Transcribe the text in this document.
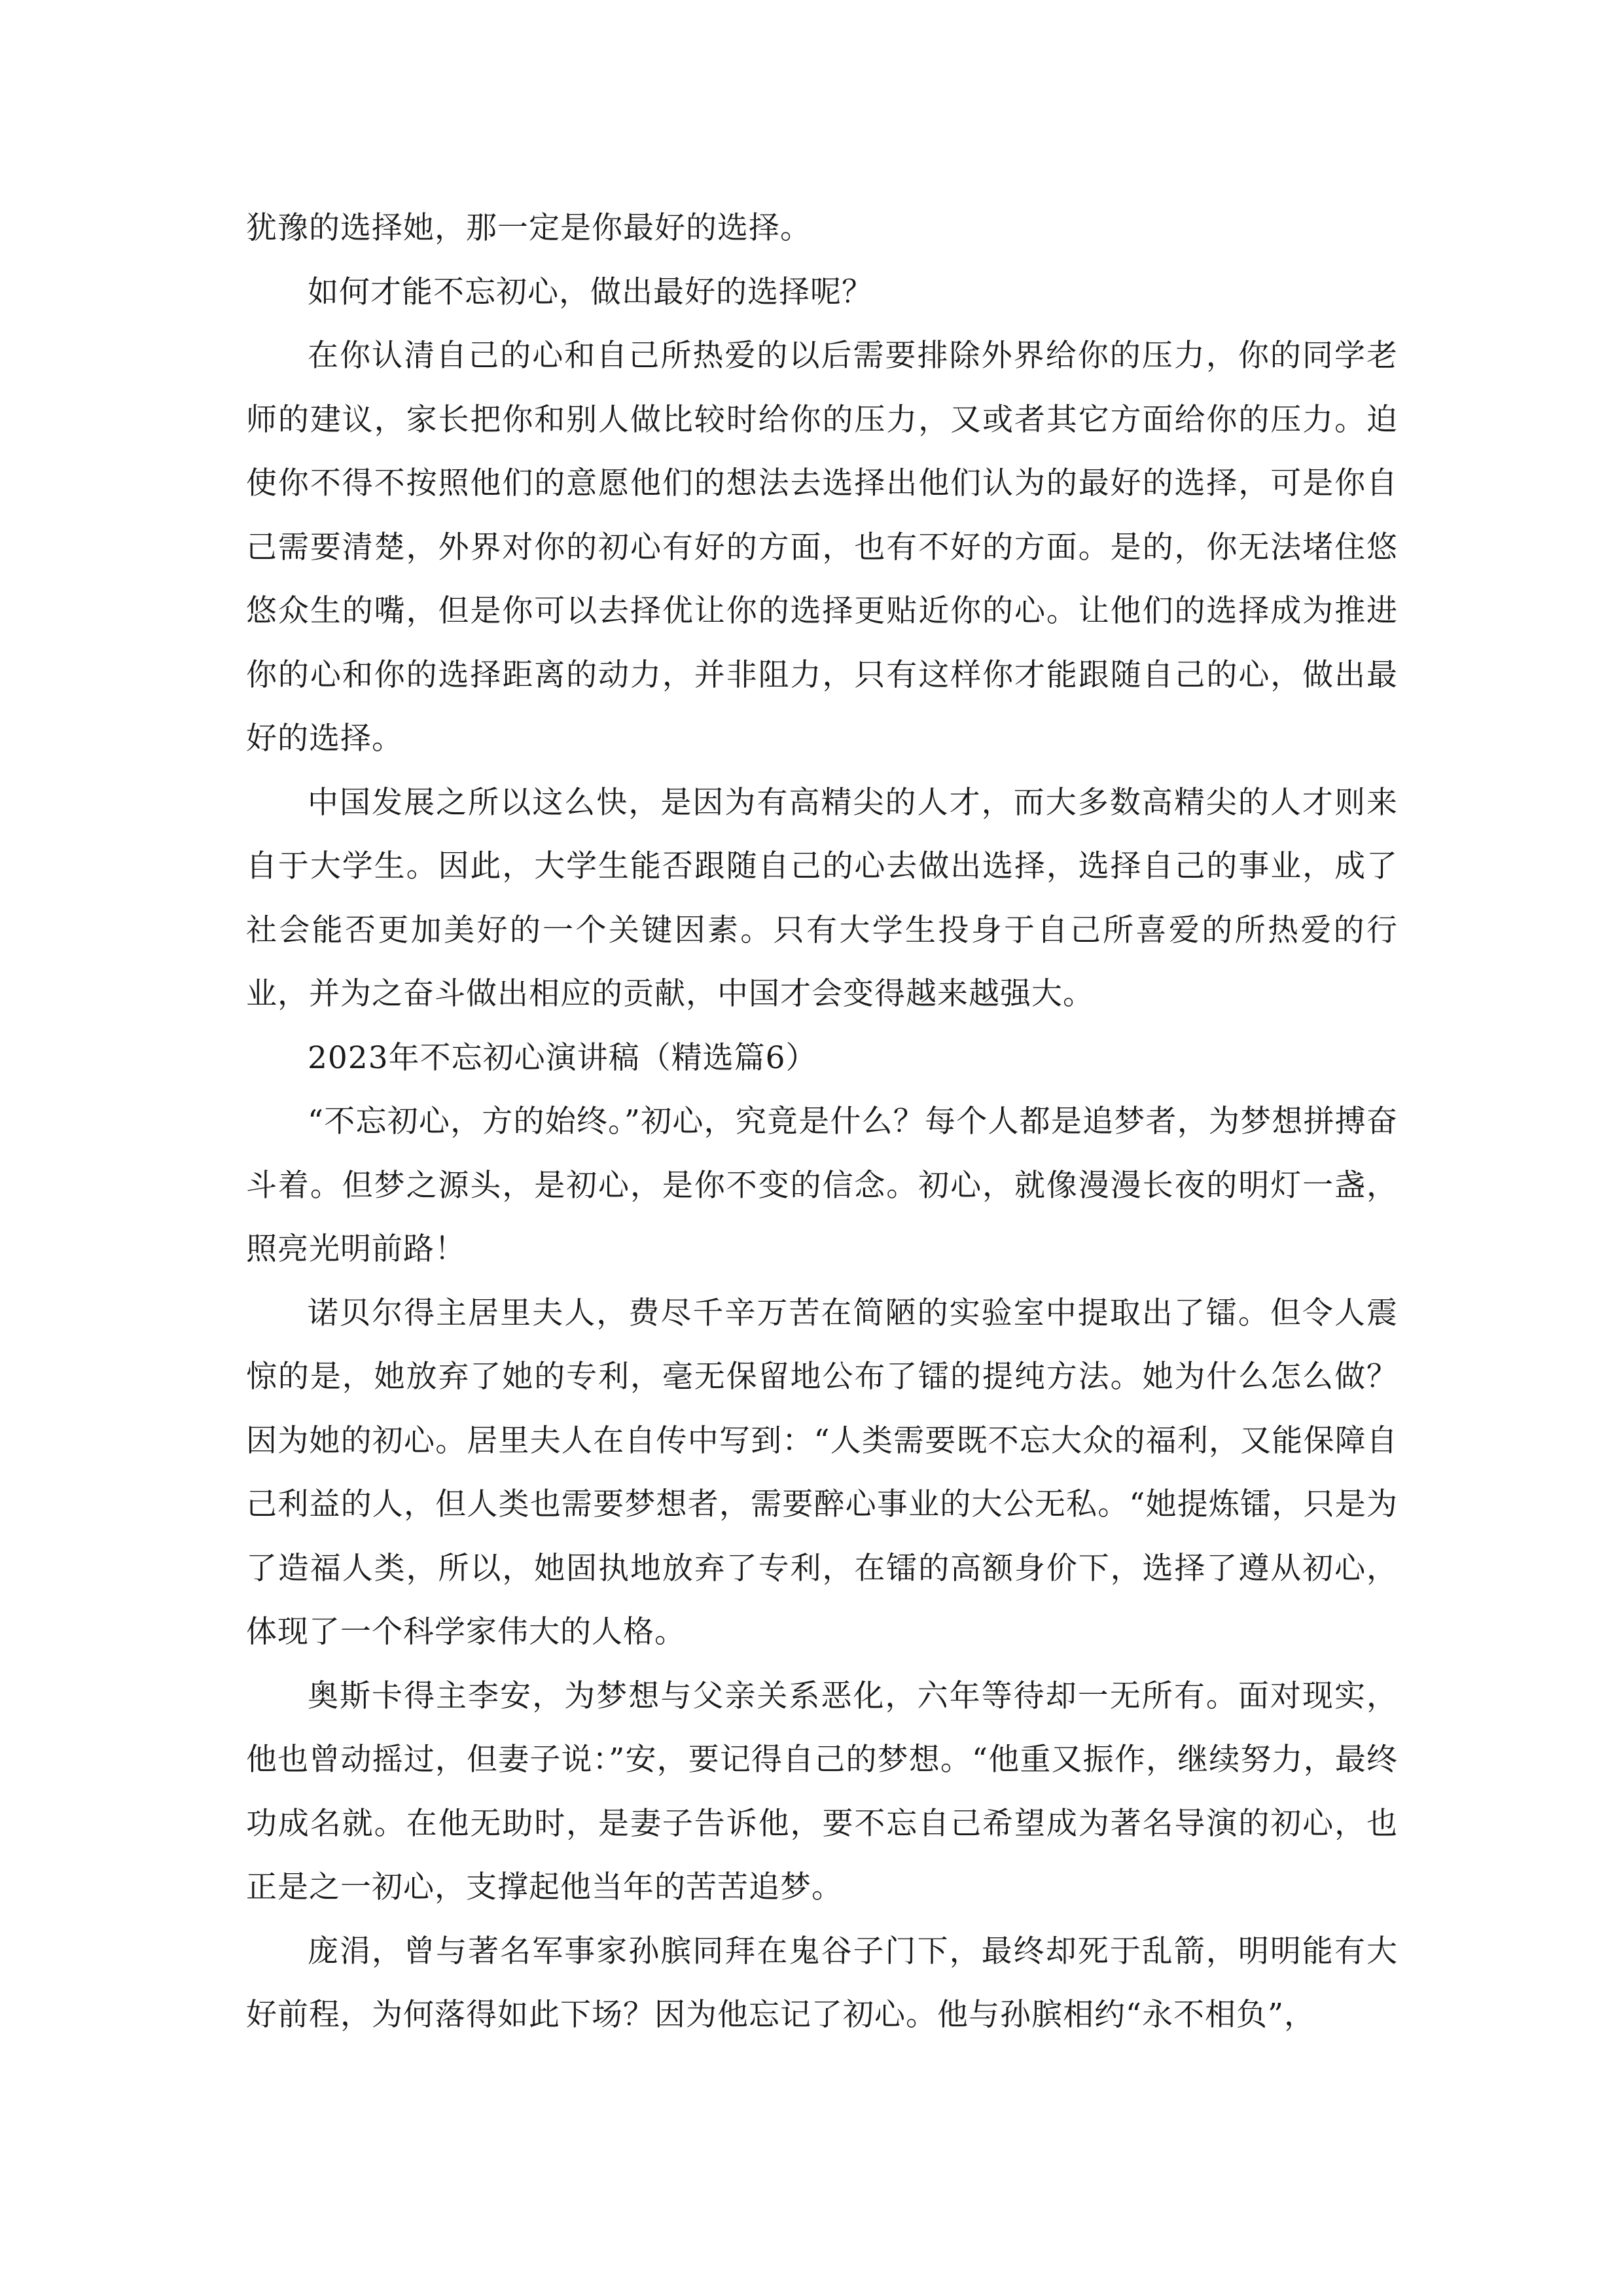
犹豫的选择她，那一定是你最好的选择。

如何才能不忘初心，做出最好的选择呢？

在你认清自己的心和自己所热爱的以后需要排除外界给你的压力，你的同学老师的建议，家长把你和别人做比较时给你的压力，又或者其它方面给你的压力。迫使你不得不按照他们的意愿他们的想法去选择出他们认为的最好的选择，可是你自己需要清楚，外界对你的初心有好的方面，也有不好的方面。是的，你无法堵住悠悠众生的嘴，但是你可以去择优让你的选择更贴近你的心。让他们的选择成为推进你的心和你的选择距离的动力，并非阻力，只有这样你才能跟随自己的心，做出最好的选择。

中国发展之所以这么快，是因为有高精尖的人才，而大多数高精尖的人才则来自于大学生。因此，大学生能否跟随自己的心去做出选择，选择自己的事业，成了社会能否更加美好的一个关键因素。只有大学生投身于自己所喜爱的所热爱的行业，并为之奋斗做出相应的贡献，中国才会变得越来越强大。

2023年不忘初心演讲稿（精选篇6）

“不忘初心，方的始终。”初心，究竟是什么？每个人都是追梦者，为梦想拼搏奋斗着。但梦之源头，是初心，是你不变的信念。初心，就像漫漫长夜的明灯一盏，照亮光明前路！

诺贝尔得主居里夫人，费尽千辛万苦在简陋的实验室中提取出了镭。但令人震惊的是，她放弃了她的专利，毫无保留地公布了镭的提纯方法。她为什么怎么做？因为她的初心。居里夫人在自传中写到：“人类需要既不忘大众的福利，又能保障自己利益的人，但人类也需要梦想者，需要醉心事业的大公无私。“她提炼镭，只是为了造福人类，所以，她固执地放弃了专利，在镭的高额身价下，选择了遵从初心，体现了一个科学家伟大的人格。

奥斯卡得主李安，为梦想与父亲关系恶化，六年等待却一无所有。面对现实，他也曾动摇过，但妻子说：”安，要记得自己的梦想。“他重又振作，继续努力，最终功成名就。在他无助时，是妻子告诉他，要不忘自己希望成为著名导演的初心，也正是之一初心，支撑起他当年的苦苦追梦。

庞涓，曾与著名军事家孙膑同拜在鬼谷子门下，最终却死于乱箭，明明能有大好前程，为何落得如此下场？因为他忘记了初心。他与孙膑相约“永不相负”，
